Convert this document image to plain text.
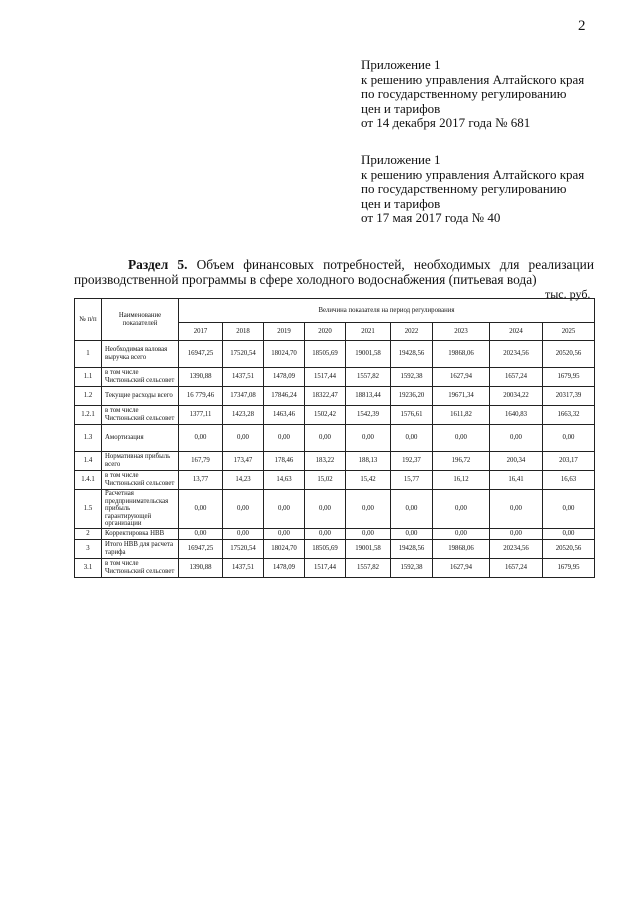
2
Приложение 1
к решению управления Алтайского края
по государственному регулированию
цен и тарифов
от 14 декабря 2017 года № 681
Приложение 1
к решению управления Алтайского края
по государственному регулированию
цен и тарифов
от 17 мая 2017 года № 40
Раздел 5. Объем финансовых потребностей, необходимых для реализации производственной программы в сфере холодного водоснабжения (питьевая вода)
тыс. руб.
№ п/п	Наименование показателей	Величина показателя на период регулирования								
		2017	2018	2019	2020	2021	2022	2023	2024	2025
1	Необходимая валовая выручка всего	16947,25	17520,54	18024,70	18505,69	19001,58	19428,56	19868,06	20234,56	20520,56
1.1	в том числе Чистюньский сельсовет	1390,88	1437,51	1478,09	1517,44	1557,82	1592,38	1627,94	1657,24	1679,95
1.2	Текущие расходы всего	16 779,46	17347,08	17846,24	18322,47	18813,44	19236,20	19671,34	20034,22	20317,39
1.2.1	в том числе Чистюньский сельсовет	1377,11	1423,28	1463,46	1502,42	1542,39	1576,61	1611,82	1640,83	1663,32
1.3	Амортизация	0,00	0,00	0,00	0,00	0,00	0,00	0,00	0,00	0,00
1.4	Нормативная прибыль всего	167,79	173,47	178,46	183,22	188,13	192,37	196,72	200,34	203,17
1.4.1	в том числе Чистюньский сельсовет	13,77	14,23	14,63	15,02	15,42	15,77	16,12	16,41	16,63
1.5	Расчетная предпринимательская прибыль гарантирующей организации	0,00	0,00	0,00	0,00	0,00	0,00	0,00	0,00	0,00
2	Корректировка НВВ	0,00	0,00	0,00	0,00	0,00	0,00	0,00	0,00	0,00
3	Итого НВВ для расчета тарифа	16947,25	17520,54	18024,70	18505,69	19001,58	19428,56	19868,06	20234,56	20520,56
3.1	в том числе Чистюньский сельсовет	1390,88	1437,51	1478,09	1517,44	1557,82	1592,38	1627,94	1657,24	1679,95
